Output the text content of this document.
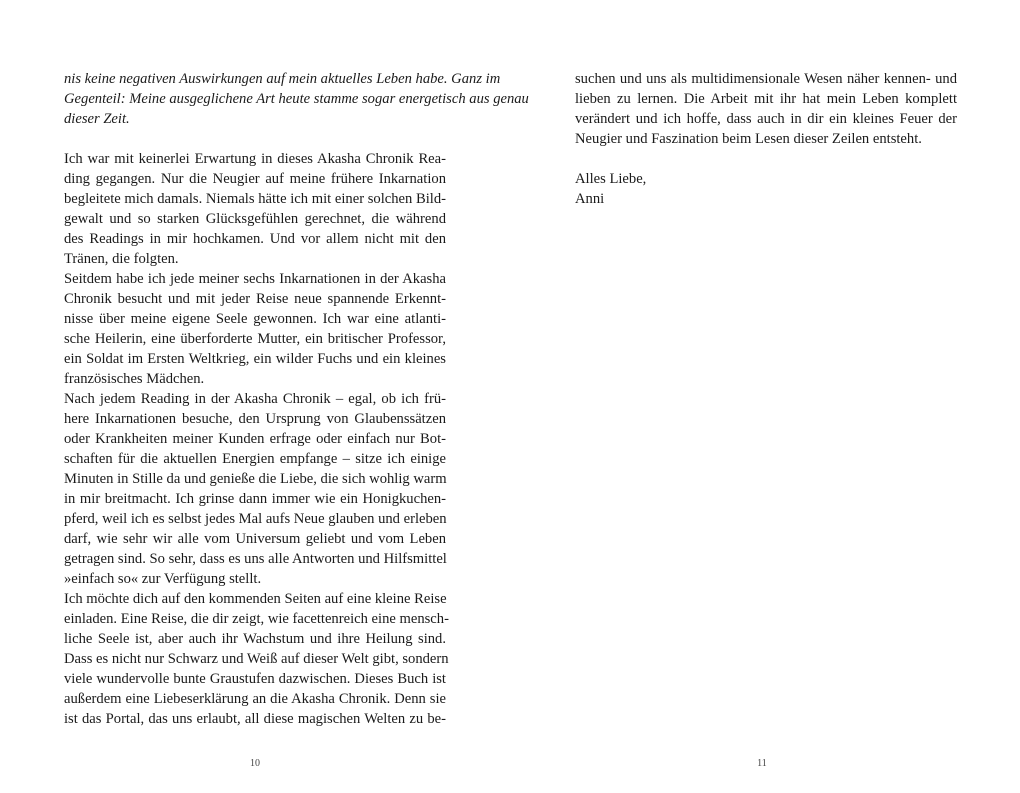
nis keine negativen Auswirkungen auf mein aktuelles Leben habe. Ganz im
Gegenteil: Meine ausgeglichene Art heute stamme sogar energetisch aus genau
dieser Zeit.
Ich war mit keinerlei Erwartung in dieses Akasha Chronik Rea-
ding gegangen. Nur die Neugier auf meine frühere Inkarnation
begleitete mich damals. Niemals hätte ich mit einer solchen Bild-
gewalt und so starken Glücksgefühlen gerechnet, die während
des Readings in mir hochkamen. Und vor allem nicht mit den
Tränen, die folgten.
Seitdem habe ich jede meiner sechs Inkarnationen in der Akasha
Chronik besucht und mit jeder Reise neue spannende Erkennt-
nisse über meine eigene Seele gewonnen. Ich war eine atlanti-
sche Heilerin, eine überforderte Mutter, ein britischer Professor,
ein Soldat im Ersten Weltkrieg, ein wilder Fuchs und ein kleines
französisches Mädchen.
Nach jedem Reading in der Akasha Chronik – egal, ob ich frü-
here Inkarnationen besuche, den Ursprung von Glaubenssätzen
oder Krankheiten meiner Kunden erfrage oder einfach nur Bot-
schaften für die aktuellen Energien empfange – sitze ich einige
Minuten in Stille da und genieße die Liebe, die sich wohlig warm
in mir breitmacht. Ich grinse dann immer wie ein Honigkuchen-
pferd, weil ich es selbst jedes Mal aufs Neue glauben und erleben
darf, wie sehr wir alle vom Universum geliebt und vom Leben
getragen sind. So sehr, dass es uns alle Antworten und Hilfsmittel
»einfach so« zur Verfügung stellt.
Ich möchte dich auf den kommenden Seiten auf eine kleine Reise
einladen. Eine Reise, die dir zeigt, wie facettenreich eine mensch-
liche Seele ist, aber auch ihr Wachstum und ihre Heilung sind.
Dass es nicht nur Schwarz und Weiß auf dieser Welt gibt, sondern
viele wundervolle bunte Graustufen dazwischen. Dieses Buch ist
außerdem eine Liebeserklärung an die Akasha Chronik. Denn sie
ist das Portal, das uns erlaubt, all diese magischen Welten zu be-
10
suchen und uns als multidimensionale Wesen näher kennen- und
lieben zu lernen. Die Arbeit mit ihr hat mein Leben komplett
verändert und ich hoffe, dass auch in dir ein kleines Feuer der
Neugier und Faszination beim Lesen dieser Zeilen entsteht.
Alles Liebe,
Anni
11
